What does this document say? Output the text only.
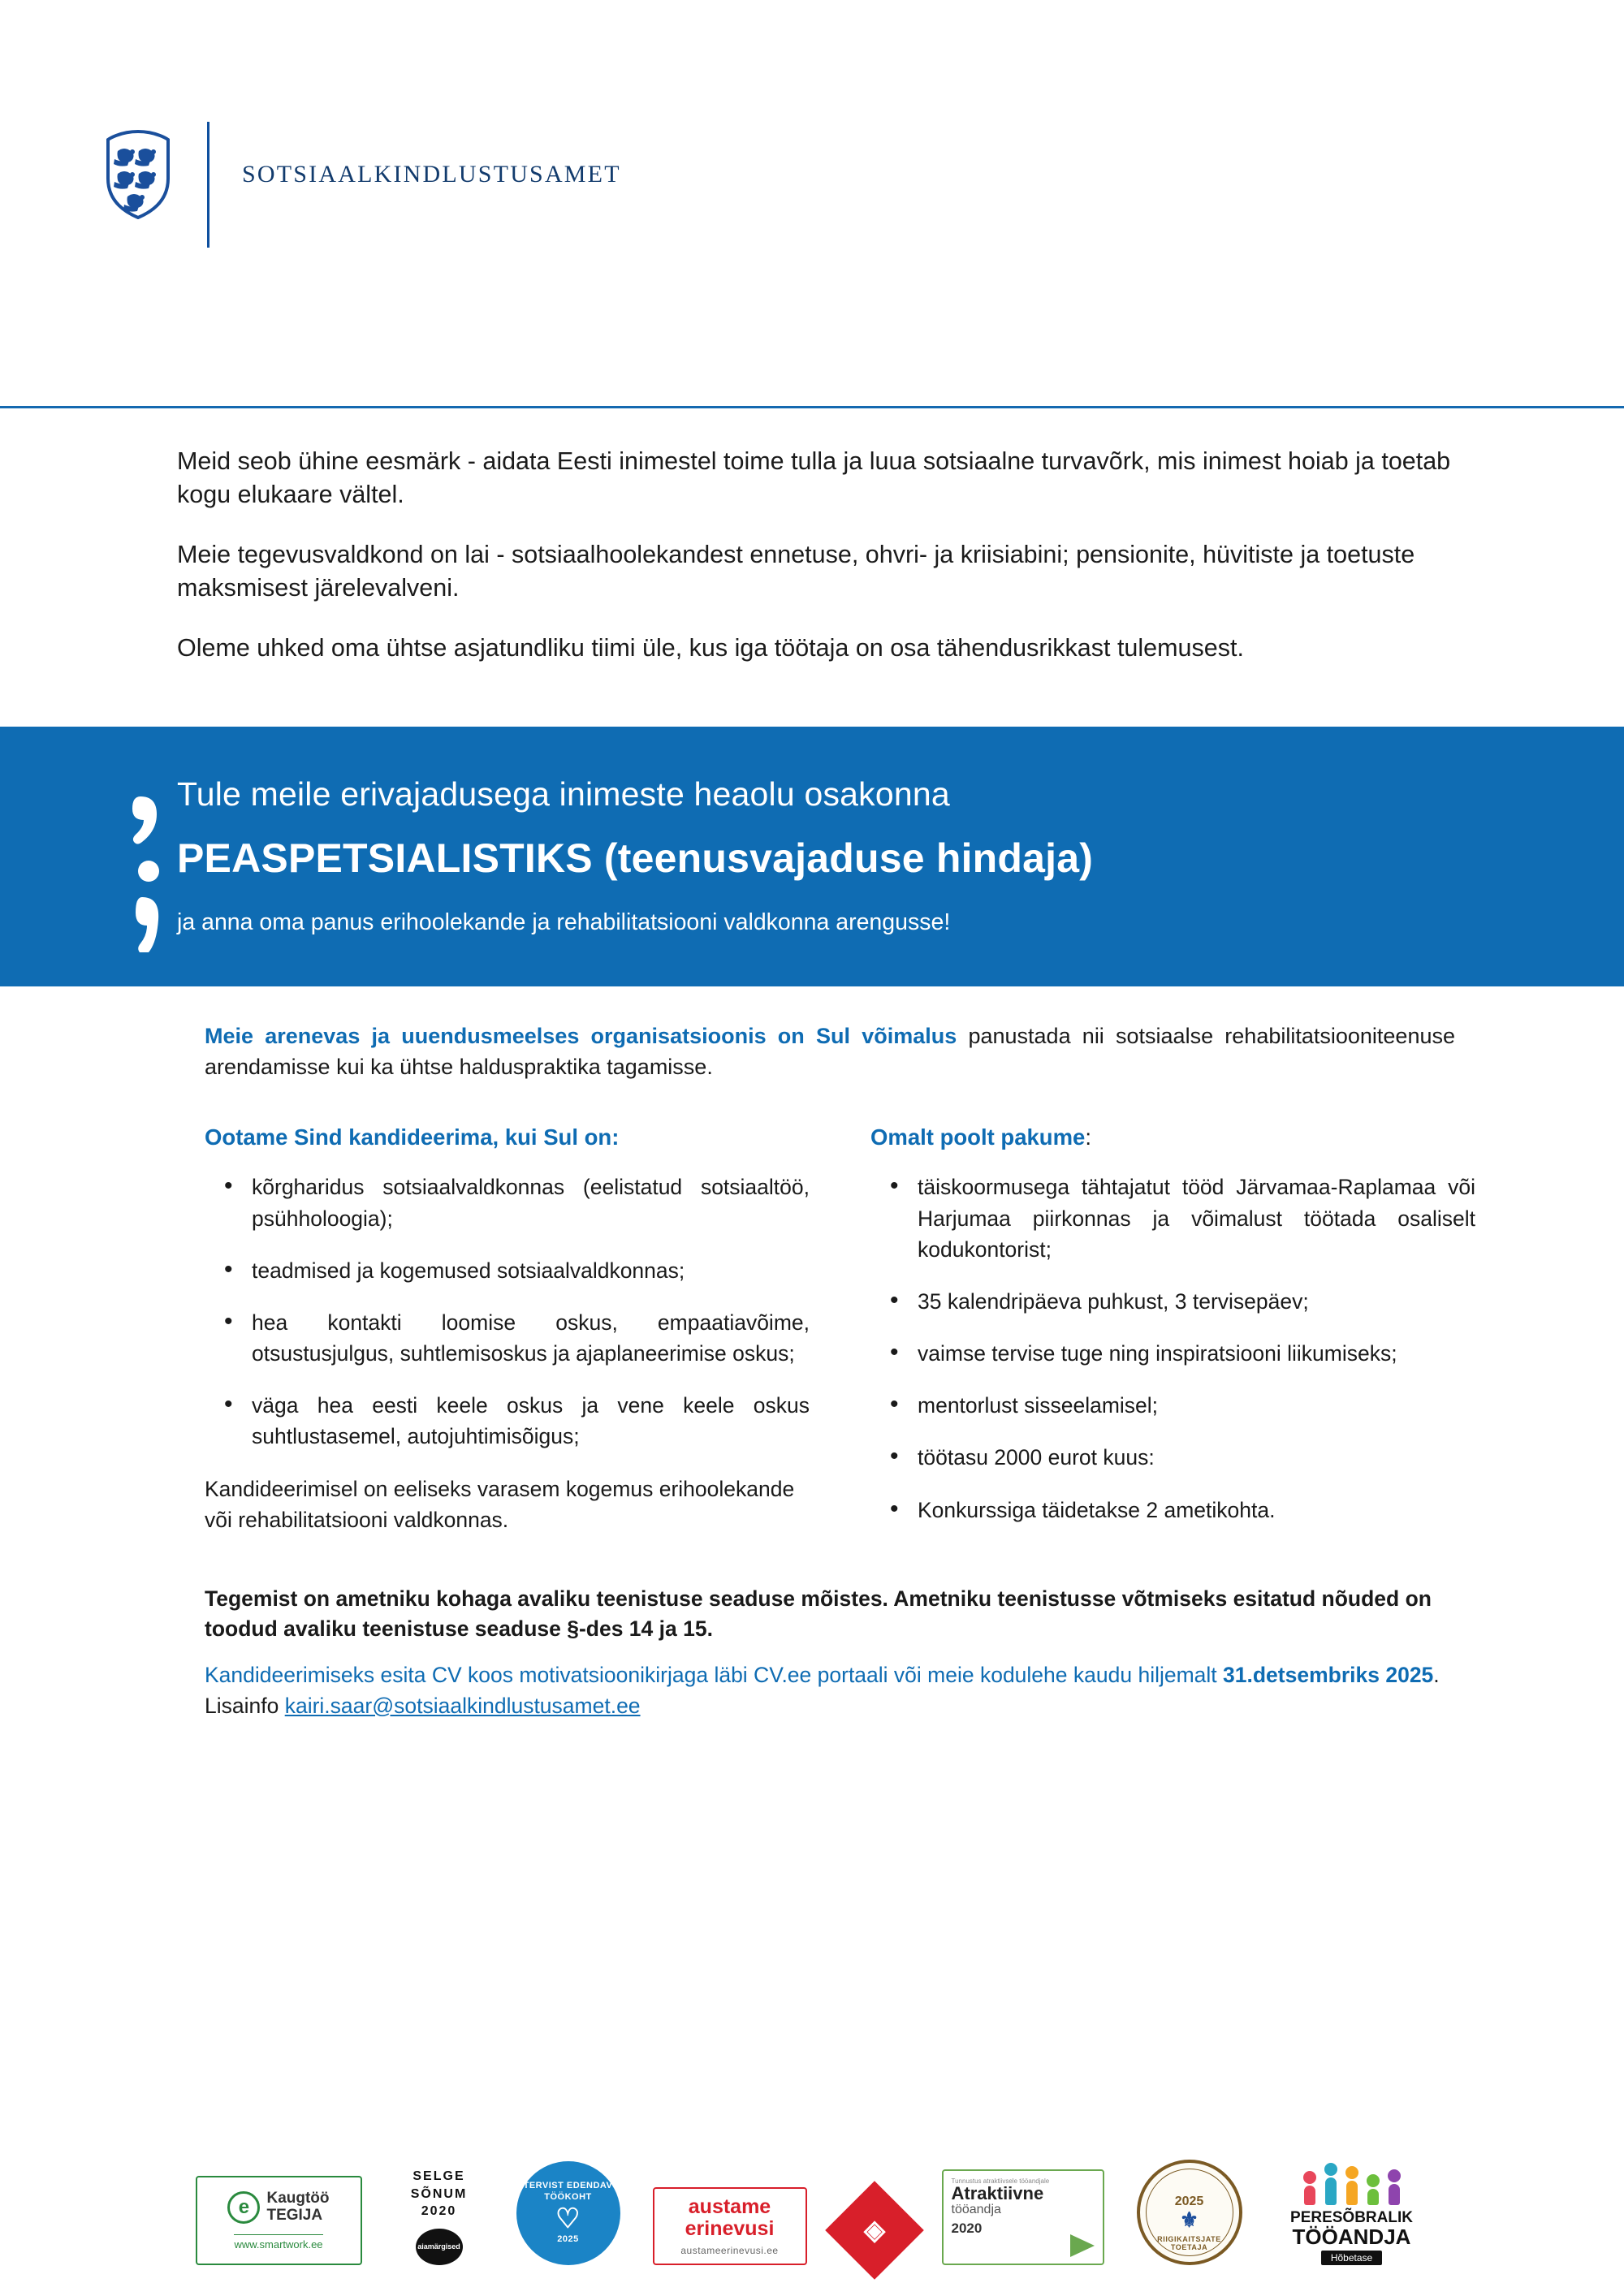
SOTSIAALKINDLUSTUSAMET

Meid seob ühine eesmärk - aidata Eesti inimestel toime tulla ja luua sotsiaalne turvavõrk, mis inimest hoiab ja toetab kogu elukaare vältel.

Meie tegevusvaldkond on lai - sotsiaalhoolekandest ennetuse, ohvri- ja kriisiabini; pensionite, hüvitiste ja toetuste maksmisest järelevalveni.

Oleme uhked oma ühtse asjatundliku tiimi üle, kus iga töötaja on osa tähendusrikkast tulemusest.

Tule meile erivajadusega inimeste heaolu osakonna

PEASPETSIALISTIKS (teenusvajaduse hindaja)

ja anna oma panus erihoolekande ja rehabilitatsiooni valdkonna arengusse!

Meie arenevas ja uuendusmeelses organisatsioonis on Sul võimalus panustada nii sotsiaalse rehabilitatsiooniteenuse arendamisse kui ka ühtse halduspraktika tagamisse.

Ootame Sind kandideerima, kui Sul on:
• kõrgharidus sotsiaalvaldkonnas (eelistatud sotsiaaltöö, psühholoogia);
• teadmised ja kogemused sotsiaalvaldkonnas;
• hea kontakti loomise oskus, empaatiavõime, otsustusjulgus, suhtlemisoskus ja ajaplaneerimise oskus;
• väga hea eesti keele oskus ja vene keele oskus suhtlustasemel, autojuhtimisõigus;

Kandideerimisel on eeliseks varasem kogemus erihoolekande või rehabilitatsiooni valdkonnas.

Omalt poolt pakume:
• täiskoormusega tähtajatut tööd Järvamaa-Raplamaa või Harjumaa piirkonnas ja võimalust töötada osaliselt kodukontorist;
• 35 kalendripäeva puhkust, 3 tervisepäev;
• vaimse tervise tuge ning inspiratsiooni liikumiseks;
• mentorlust sisseelamisel;
• töötasu 2000 eurot kuus:
• Konkurssiga täidetakse 2 ametikohta.

Tegemist on ametniku kohaga avaliku teenistuse seaduse mõistes. Ametniku teenistusse võtmiseks esitatud nõuded on toodud avaliku teenistuse seaduse §-des 14 ja 15.

Kandideerimiseks esita CV koos motivatsioonikirjaga läbi CV.ee portaali või meie kodulehe kaudu hiljemalt 31.detsembriks 2025. Lisainfo kairi.saar@sotsiaalkindlustusamet.ee

e	Kaugtöö
TEGIJA
www.smartwork.ee
SELGE
SÕNUM
2020
aiamärgised
TERVIST EDENDAV TÖÖKOHT
♡
2025
austame
erinevusi
austameerinevusi.ee
◈
Tunnustus atraktiivsele tööandjale
Atraktiivne
tööandja
2020
2025
⚜
RIIGIKAITSJATE TOETAJA
PERESÕBRALIK
TÖÖANDJA
Hõbetase
